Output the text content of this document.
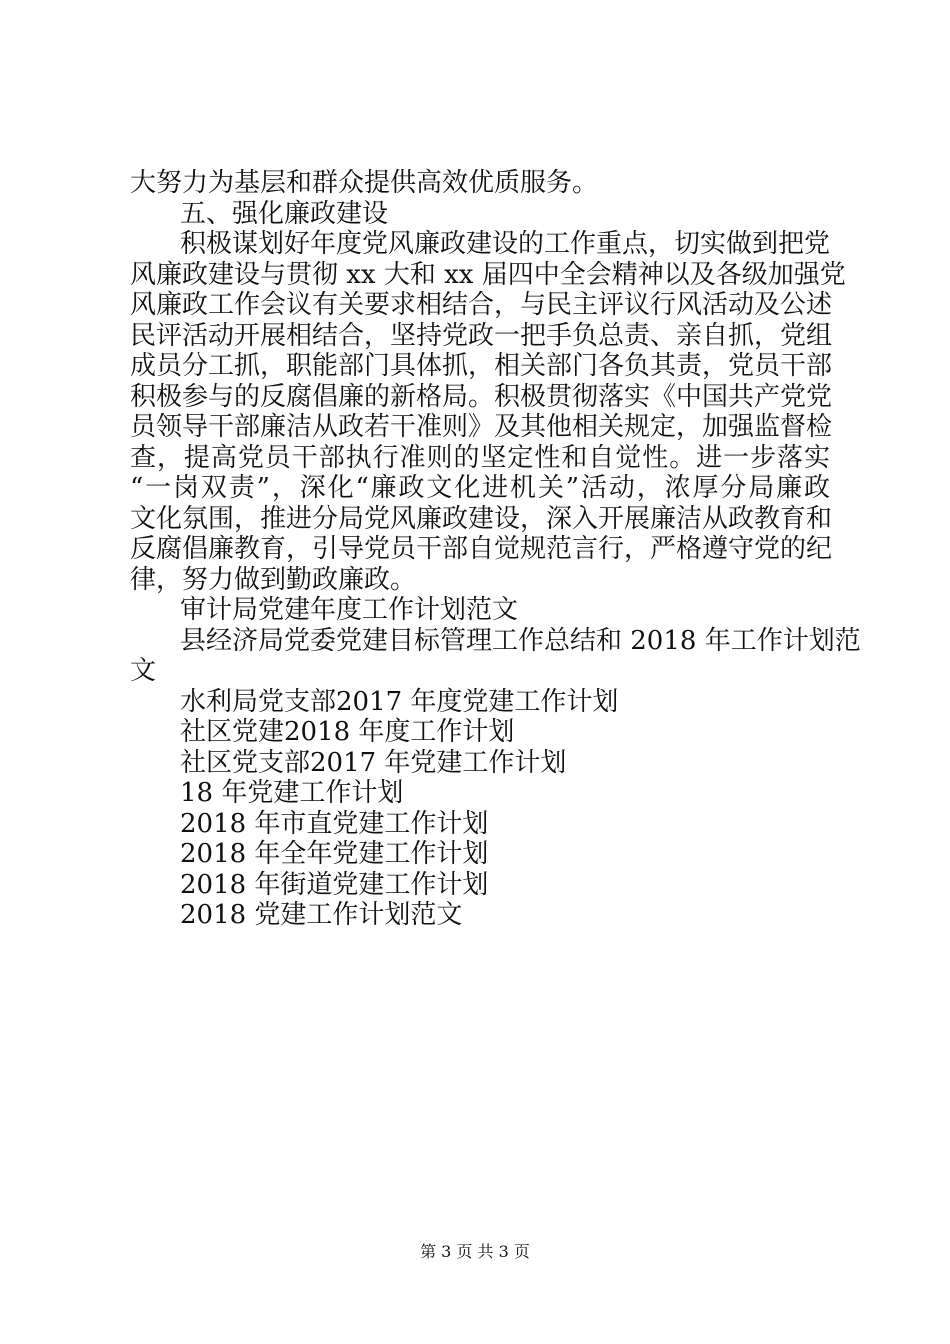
大努力为基层和群众提供高效优质服务。
五、强化廉政建设
积极谋划好年度党风廉政建设的工作重点，切实做到把党
风廉政建设与贯彻 xx 大和 xx 届四中全会精神以及各级加强党
风廉政工作会议有关要求相结合，与民主评议行风活动及公述
民评活动开展相结合，坚持党政一把手负总责、亲自抓，党组
成员分工抓，职能部门具体抓，相关部门各负其责，党员干部
积极参与的反腐倡廉的新格局。积极贯彻落实《中国共产党党
员领导干部廉洁从政若干准则》及其他相关规定，加强监督检
查，提高党员干部执行准则的坚定性和自觉性。进一步落实
“一岗双责”，深化“廉政文化进机关”活动，浓厚分局廉政
文化氛围，推进分局党风廉政建设，深入开展廉洁从政教育和
反腐倡廉教育，引导党员干部自觉规范言行，严格遵守党的纪
律，努力做到勤政廉政。
审计局党建年度工作计划范文
县经济局党委党建目标管理工作总结和 2018 年工作计划范
文
水利局党支部2017 年度党建工作计划
社区党建2018 年度工作计划
社区党支部2017 年党建工作计划
18 年党建工作计划
2018 年市直党建工作计划
2018 年全年党建工作计划
2018 年街道党建工作计划
2018 党建工作计划范文
第 3 页 共 3 页
